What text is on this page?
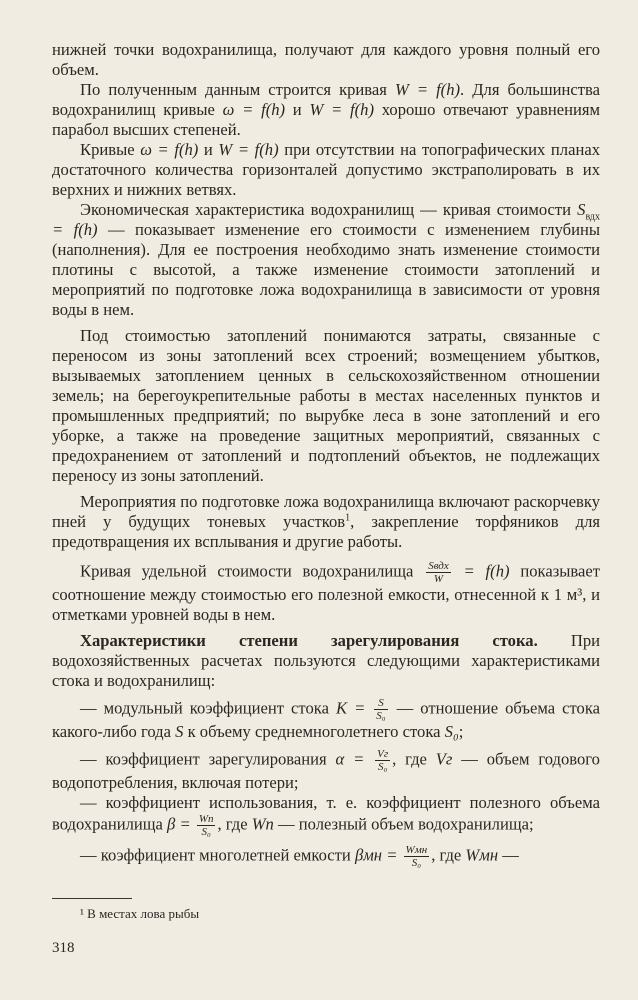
нижней точки водохранилища, получают для каждого уровня полный его объем.

По полученным данным строится кривая W = f(h). Для большинства водохранилищ кривые ω = f(h) и W = f(h) хорошо отвечают уравнениям парабол высших степеней.

Кривые ω = f(h) и W = f(h) при отсутствии на топографических планах достаточного количества горизонталей допустимо экстраполировать в их верхних и нижних ветвях.

Экономическая характеристика водохранилищ — кривая стоимости $S_{вдх} = f(h)$ — показывает изменение его стоимости с изменением глубины (наполнения). Для ее построения необходимо знать изменение стоимости плотины с высотой, а также изменение стоимости затоплений и мероприятий по подготовке ложа водохранилища в зависимости от уровня воды в нем.

Под стоимостью затоплений понимаются затраты, связанные с переносом из зоны затоплений всех строений; возмещением убытков, вызываемых затоплением ценных в сельскохозяйственном отношении земель; на берегоукрепительные работы в местах населенных пунктов и промышленных предприятий; по вырубке леса в зоне затоплений и его уборке, а также на проведение защитных мероприятий, связанных с предохранением от затоплений и подтоплений объектов, не подлежащих переносу из зоны затоплений.

Мероприятия по подготовке ложа водохранилища включают раскорчевку пней у будущих тоневых участков$^1$, закрепление торфяников для предотвращения их всплывания и другие работы.

Кривая удельной стоимости водохранилища $\frac{\text{Sвдх}}{W} = f(h)$ показывает соотношение между стоимостью его полезной емкости, отнесенной к 1 м³, и отметками уровней воды в нем.

Характеристики степени зарегулирования стока. При водохозяйственных расчетах пользуются следующими характеристиками стока и водохранилищ:

— модульный коэффициент стока $K = \frac{S}{\text{S₀}}$ — отношение объема стока какого-либо года S к объему среднемноголетнего стока S₀;

— коэффициент зарегулирования $\alpha = \frac{Vг}{\text{S₀}}$ , где Vг — объем годового водопотребления, включая потери;

— коэффициент использования, т. е. коэффициент полезного объема водохранилища $\beta = \frac{Wп}{\text{S₀}}$ , где Wп — полезный объем водохранилища;

— коэффициент многолетней емкости $\beta мн = \frac{\text{Wмн}}{\text{S₀}}$ , где Wмн —

¹ В местах лова рыбы
318
